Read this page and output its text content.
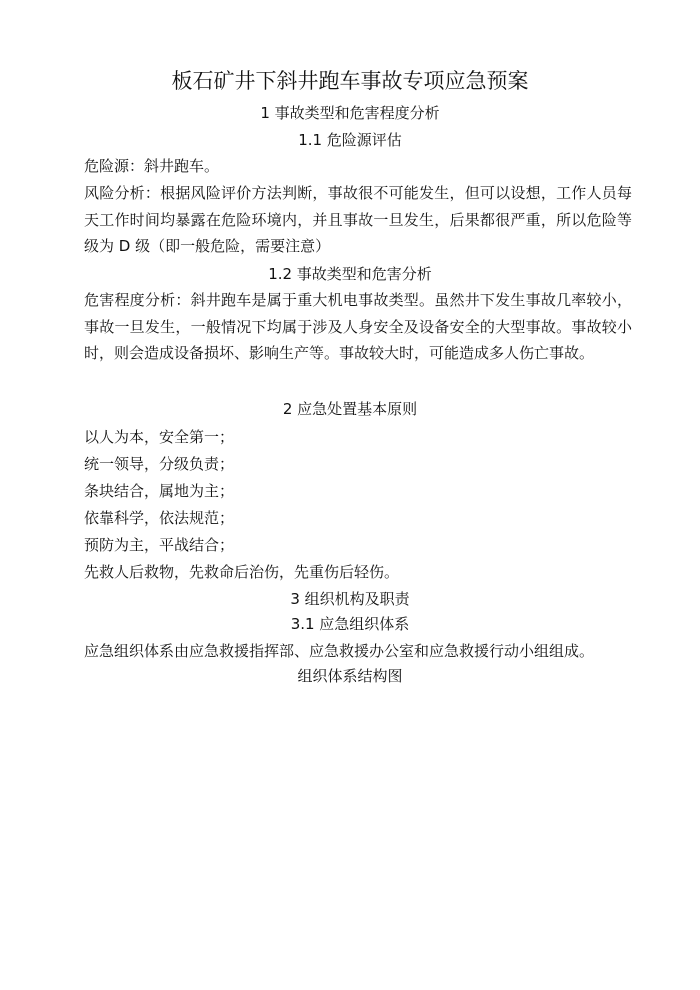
板石矿井下斜井跑车事故专项应急预案
1 事故类型和危害程度分析
1.1 危险源评估

危险源：斜井跑车。

风险分析：根据风险评价方法判断，事故很不可能发生，但可以设想，工作人员每天工作时间均暴露在危险环境内，并且事故一旦发生，后果都很严重，所以危险等级为 D 级（即一般危险，需要注意）

1.2 事故类型和危害分析

危害程度分析：斜井跑车是属于重大机电事故类型。虽然井下发生事故几率较小，事故一旦发生，一般情况下均属于涉及人身安全及设备安全的大型事故。事故较小时，则会造成设备损坏、影响生产等。事故较大时，可能造成多人伤亡事故。

2 应急处置基本原则

以人为本，安全第一；

统一领导，分级负责；

条块结合，属地为主；

依靠科学，依法规范；

预防为主，平战结合；

先救人后救物，先救命后治伤，先重伤后轻伤。

3 组织机构及职责
3.1 应急组织体系

应急组织体系由应急救援指挥部、应急救援办公室和应急救援行动小组组成。

组织体系结构图
